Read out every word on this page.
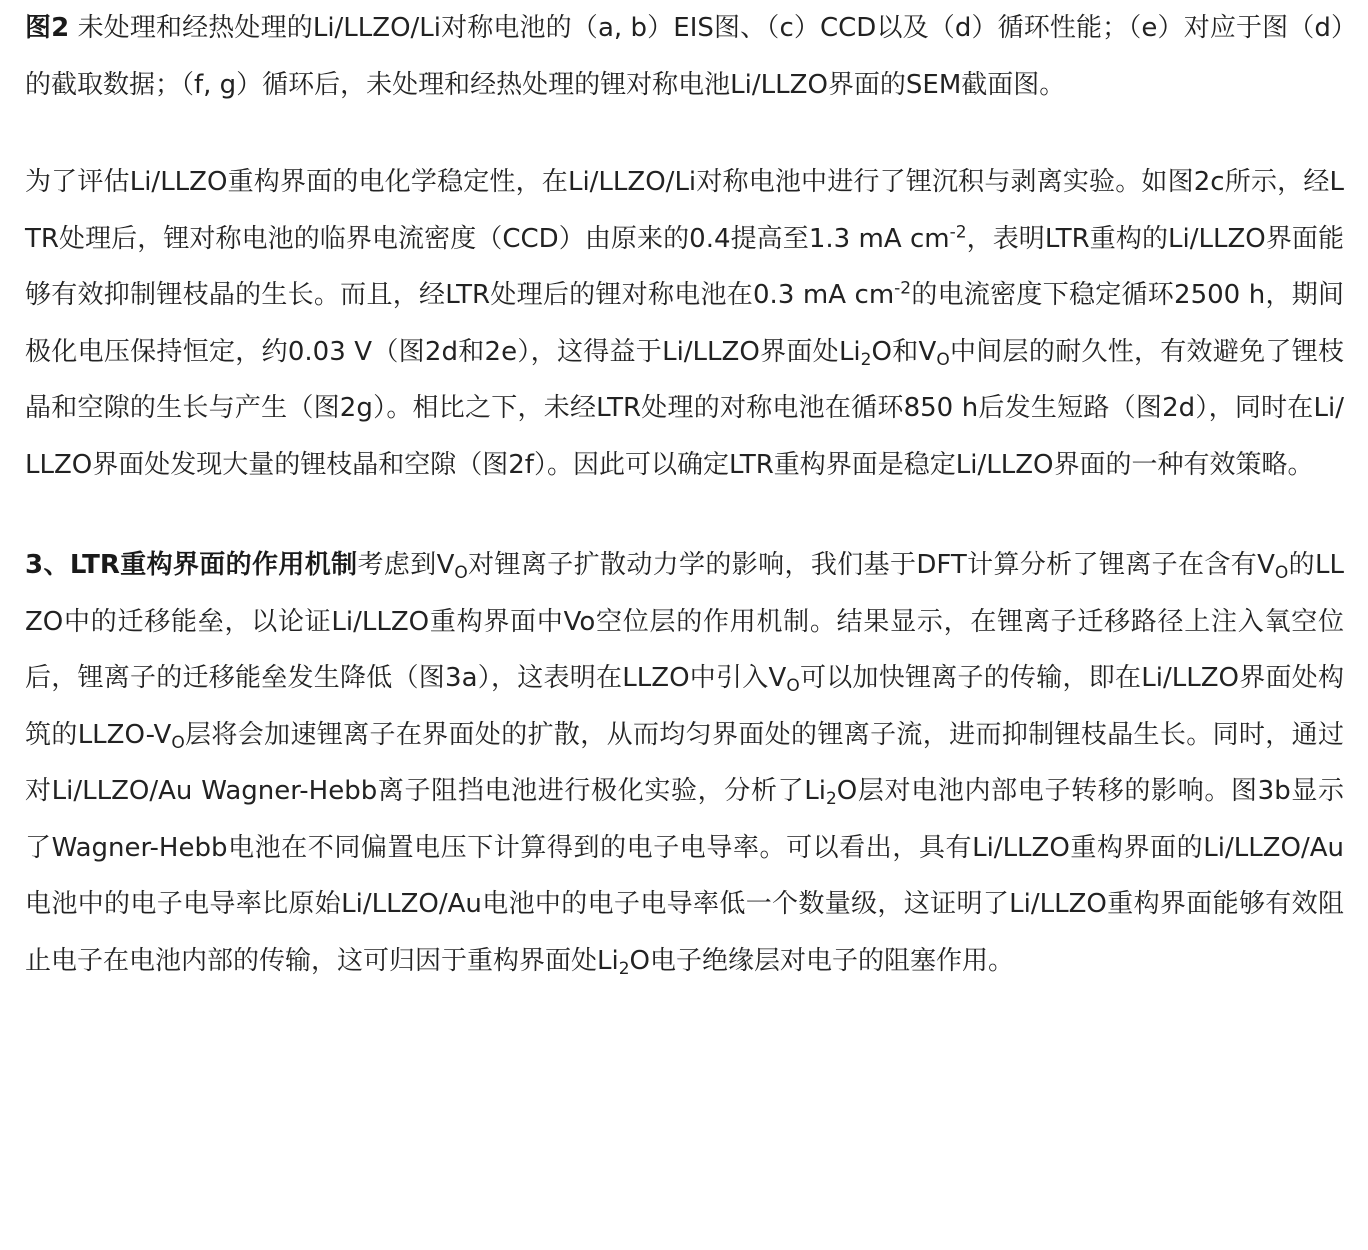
图2 未处理和经热处理的Li/LLZO/Li对称电池的（a, b）EIS图、（c）CCD以及（d）循环性能；（e）对应于图（d）的截取数据；（f, g）循环后，未处理和经热处理的锂对称电池Li/LLZO界面的SEM截面图。

为了评估Li/LLZO重构界面的电化学稳定性，在Li/LLZO/Li对称电池中进行了锂沉积与剥离实验。如图2c所示，经LTR处理后，锂对称电池的临界电流密度（CCD）由原来的0.4提高至1.3 mA $cm^{-2}$，表明LTR重构的Li/LLZO界面能够有效抑制锂枝晶的生长。而且，经LTR处理后的锂对称电池在0.3 mA $cm^{-2}$的电流密度下稳定循环2500 h，期间极化电压保持恒定，约0.03 V（图2d和2e），这得益于Li/LLZO界面处$Li_2O$和$V_O$中间层的耐久性，有效避免了锂枝晶和空隙的生长与产生（图2g）。相比之下，未经LTR处理的对称电池在循环850 h后发生短路（图2d），同时在Li/LLZO界面处发现大量的锂枝晶和空隙（图2f）。因此可以确定LTR重构界面是稳定Li/LLZO界面的一种有效策略。

3、LTR重构界面的作用机制考虑到$V_O$对锂离子扩散动力学的影响，我们基于DFT计算分析了锂离子在含有$V_O$的LLZO中的迁移能垒，以论证Li/LLZO重构界面中Vo空位层的作用机制。结果显示，在锂离子迁移路径上注入氧空位后，锂离子的迁移能垒发生降低（图3a），这表明在LLZO中引入$V_O$可以加快锂离子的传输，即在Li/LLZO界面处构筑的LLZO-$V_O$层将会加速锂离子在界面处的扩散，从而均匀界面处的锂离子流，进而抑制锂枝晶生长。同时，通过对Li/LLZO/Au Wagner-Hebb离子阻挡电池进行极化实验，分析了$Li_2O$层对电池内部电子转移的影响。图3b显示了Wagner-Hebb电池在不同偏置电压下计算得到的电子电导率。可以看出，具有Li/LLZO重构界面的Li/LLZO/Au电池中的电子电导率比原始Li/LLZO/Au电池中的电子电导率低一个数量级，这证明了Li/LLZO重构界面能够有效阻止电子在电池内部的传输，这可归因于重构界面处$Li_2O$电子绝缘层对电子的阻塞作用。
